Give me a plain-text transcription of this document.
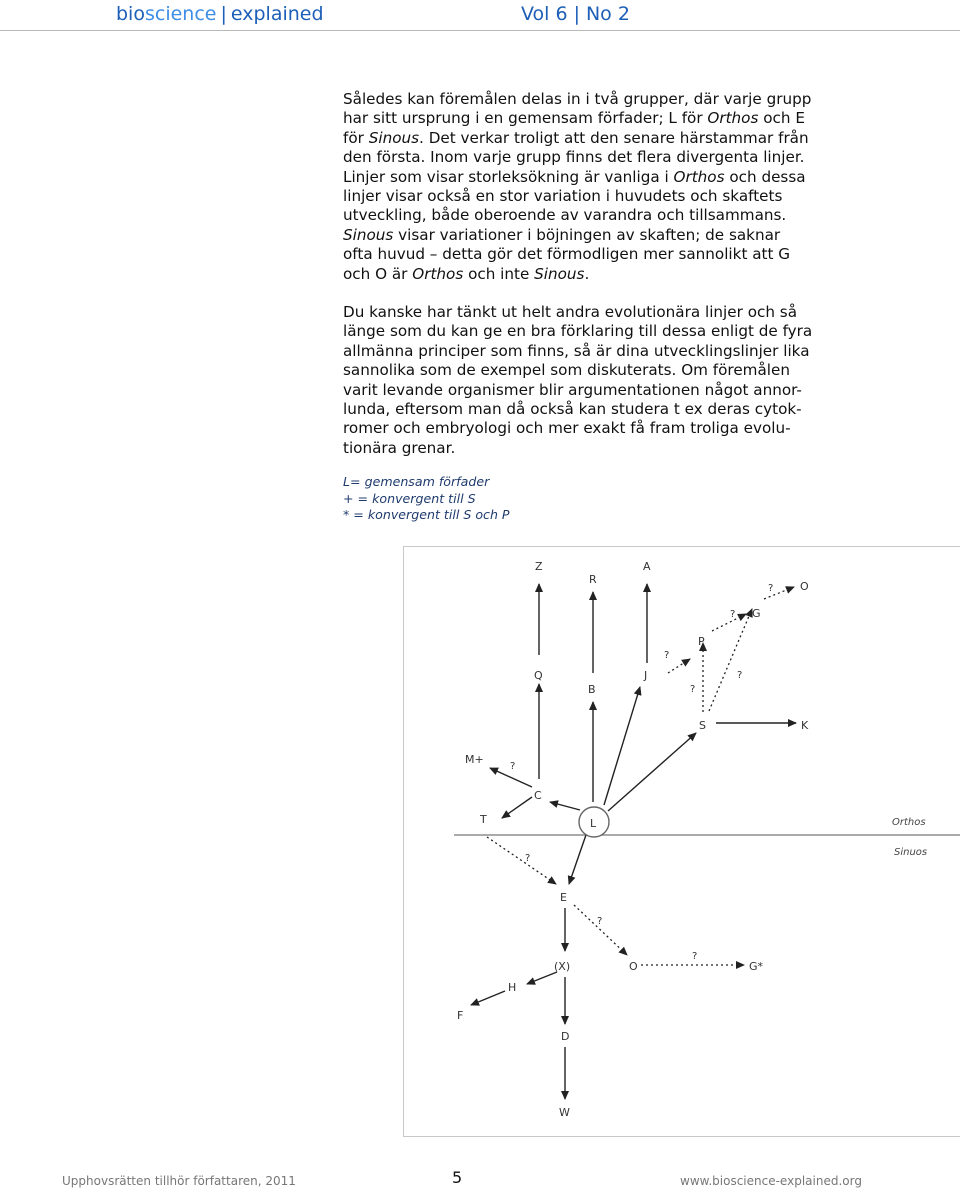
bioscience | explained	Vol 6 | No 2

Således kan föremålen delas in i två grupper, där varje grupp
har sitt ursprung i en gemensam förfader; L för Orthos och E
för Sinous. Det verkar troligt att den senare härstammar från
den första. Inom varje grupp finns det flera divergenta linjer.
Linjer som visar storleksökning är vanliga i Orthos och dessa
linjer visar också en stor variation i huvudets och skaftets
utveckling, både oberoende av varandra och tillsammans.
Sinous visar variationer i böjningen av skaften; de saknar
ofta huvud – detta gör det förmodligen mer sannolikt att G
och O är Orthos och inte Sinous.

Du kanske har tänkt ut helt andra evolutionära linjer och så
länge som du kan ge en bra förklaring till dessa enligt de fyra
allmänna principer som finns, så är dina utvecklingslinjer lika
sannolika som de exempel som diskuterats. Om föremålen
varit levande organismer blir argumentationen något annor-
lunda, eftersom man då också kan studera t ex deras cytok-
romer och embryologi och mer exakt få fram troliga evolu-
tionära grenar.

L= gemensam förfader
+ = konvergent till S
* = konvergent till S och P
Orthos
Sinuos
L
Z
R
A
O
G
P
Q
B
J
S	K
M+
C
T
E
(X)	O	G*
H
F
D
W
?
?
?
?
?
?
?
?
?
Upphovsrätten tillhör författaren, 2011	5	www.bioscience-explained.org
